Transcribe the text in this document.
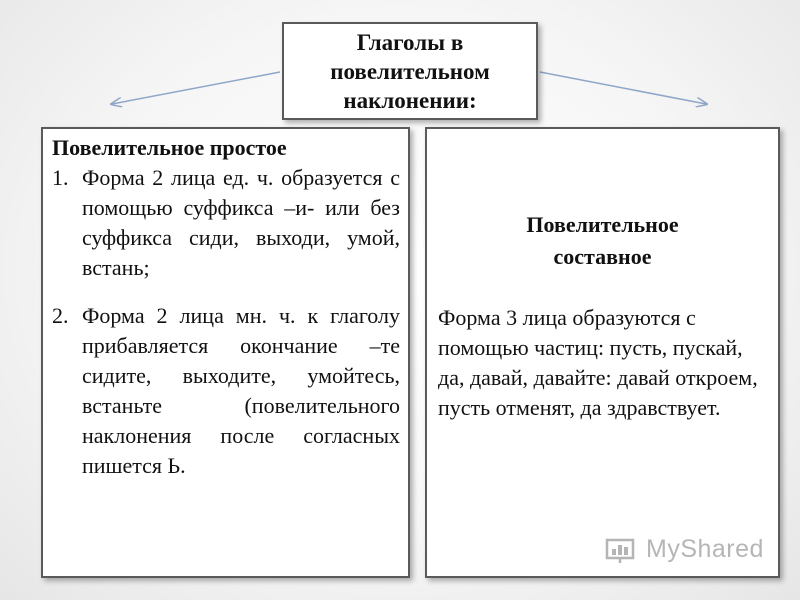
Глаголы в
повелительном
наклонении:
Повелительное простое
1. Форма 2 лица ед. ч. образуется с помощью суффикса –и- или без суффикса сиди, выходи, умой, встань;
2. Форма 2 лица мн. ч. к глаголу прибавляется окончание –те сидите, выходите, умойтесь, встаньте (повелительного наклонения после согласных пишется Ь.
Повелительное
составное
Форма 3 лица образуются с помощью частиц: пусть, пускай, да, давай, давайте: давай откроем, пусть отменят, да здравствует.
MyShared
